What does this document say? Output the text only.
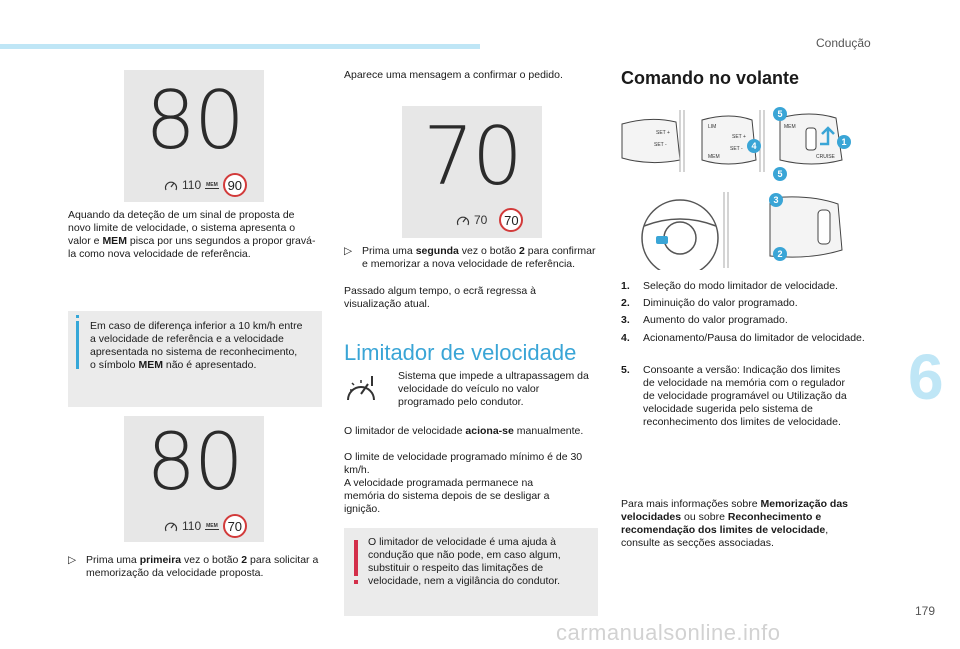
Condução
6
179
carmanualsonline.info
80
110 MEM 90

Aquando da deteção de um sinal de proposta de novo limite de velocidade, o sistema apresenta o valor e MEM pisca por uns segundos a propor gravá-la como nova velocidade de referência.

Em caso de diferença inferior a 10 km/h entre a velocidade de referência e a velocidade apresentada no sistema de reconhecimento, o símbolo MEM não é apresentado.
80
110 MEM 70
▷ Prima uma primeira vez o botão 2 para solicitar a memorização da velocidade proposta.

Aparece uma mensagem a confirmar o pedido.

70
70	70
▷ Prima uma segunda vez o botão 2 para confirmar e memorizar a nova velocidade de referência.

Passado algum tempo, o ecrã regressa à visualização atual.

Limitador de velocidade

Sistema que impede a ultrapassagem da velocidade do veículo no valor programado pelo condutor.

O limitador de velocidade aciona-se manualmente.

O limite de velocidade programado mínimo é de 30 km/h.

A velocidade programada permanece na memória do sistema depois de se desligar a ignição.

O limitador de velocidade é uma ajuda à condução que não pode, em caso algum, substituir o respeito das limitações de velocidade, nem a vigilância do condutor.
Comando no volante
LIM
SET +
SET -
MEM
SET +
SET -
MEM
CRUISE
1
2
3
4
5
5
1.	Seleção do modo limitador de velocidade.
2.	Diminuição do valor programado.
3.	Aumento do valor programado.
4.	Acionamento/Pausa do limitador de velocidade.
5.	Consoante a versão: Indicação dos limites de velocidade na memória com o regulador de velocidade programável ou Utilização da velocidade sugerida pelo sistema de reconhecimento dos limites de velocidade.

Para mais informações sobre Memorização das velocidades ou sobre Reconhecimento e recomendação dos limites de velocidade, consulte as secções associadas.
